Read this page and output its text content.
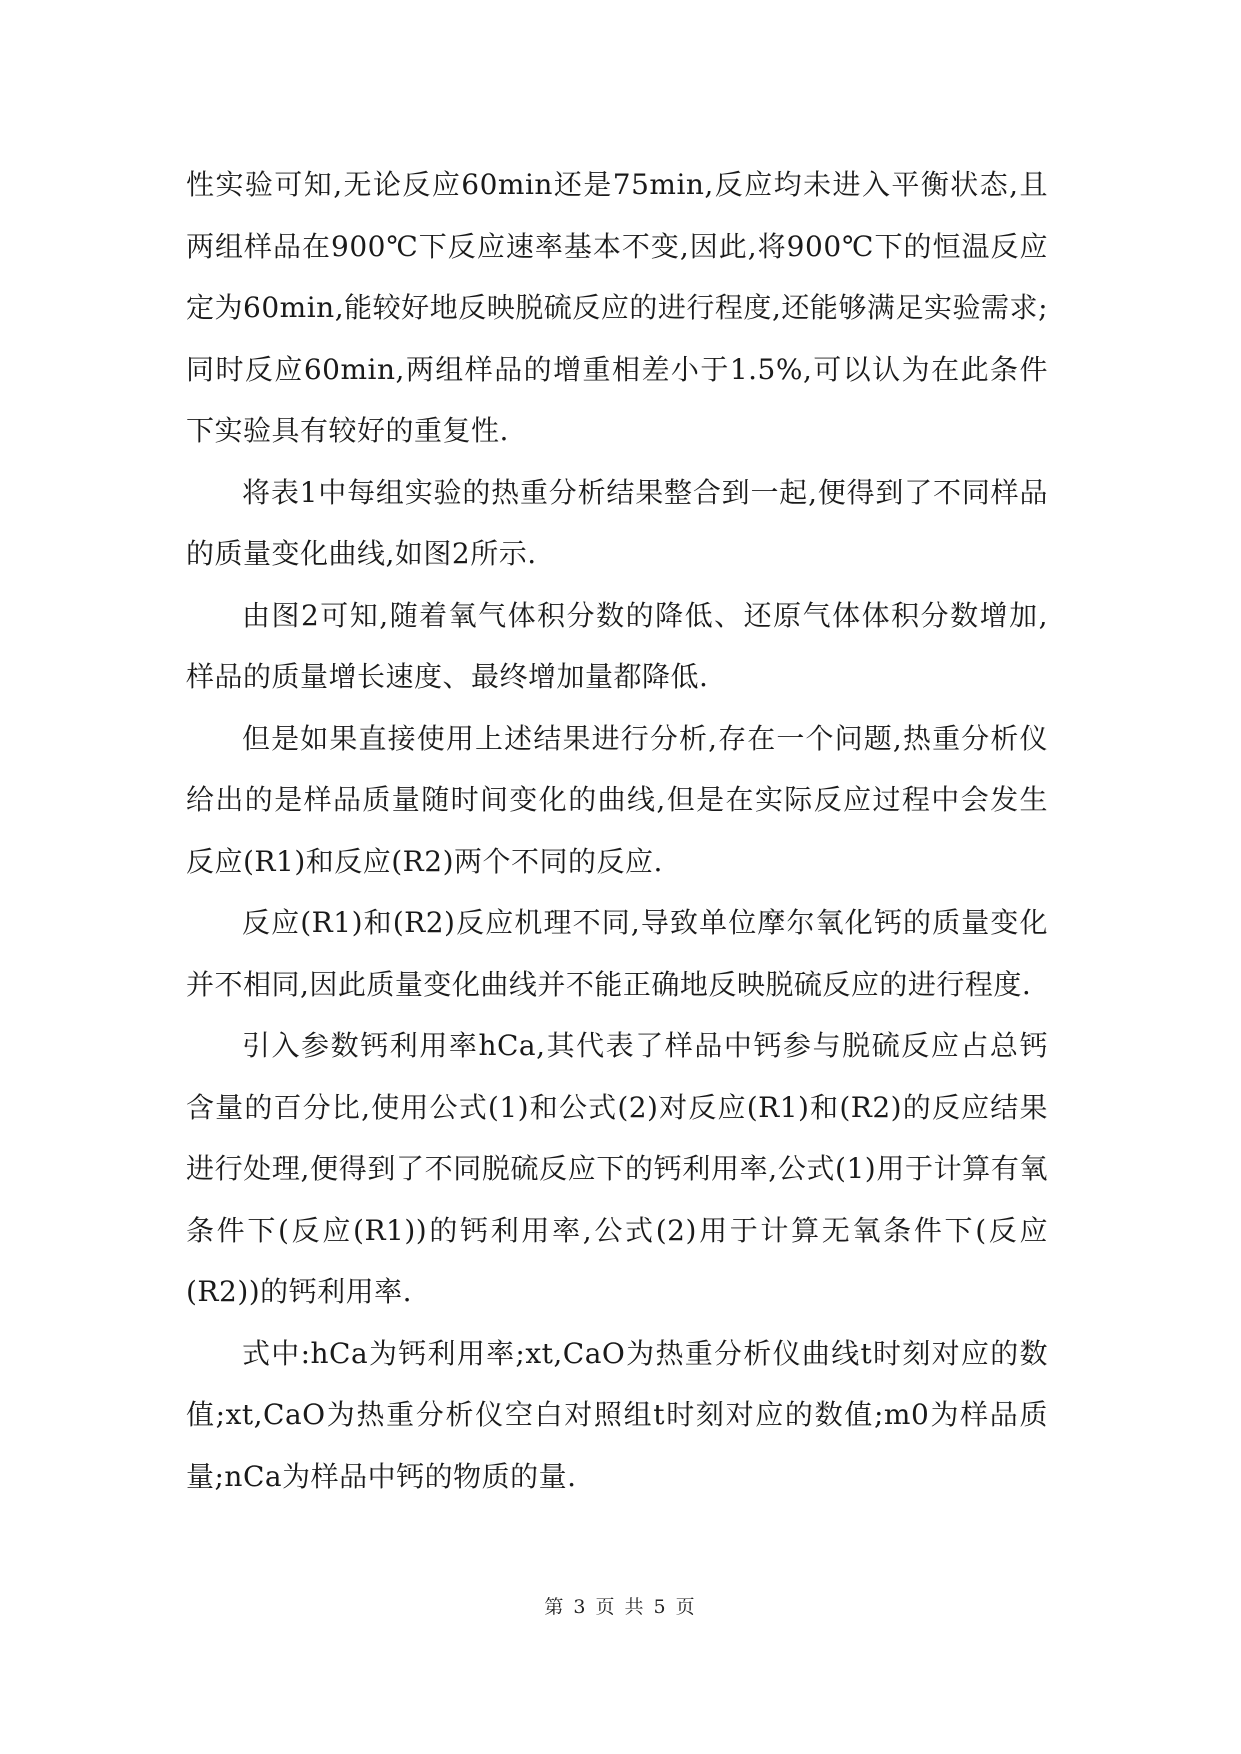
性实验可知,无论反应60min还是75min,反应均未进入平衡状态,且两组样品在900℃下反应速率基本不变,因此,将900℃下的恒温反应定为60min,能较好地反映脱硫反应的进行程度,还能够满足实验需求;同时反应60min,两组样品的增重相差小于1.5%,可以认为在此条件下实验具有较好的重复性.

将表1中每组实验的热重分析结果整合到一起,便得到了不同样品的质量变化曲线,如图2所示.

由图2可知,随着氧气体积分数的降低、还原气体体积分数增加,样品的质量增长速度、最终增加量都降低.

但是如果直接使用上述结果进行分析,存在一个问题,热重分析仪给出的是样品质量随时间变化的曲线,但是在实际反应过程中会发生反应(R1)和反应(R2)两个不同的反应.

反应(R1)和(R2)反应机理不同,导致单位摩尔氧化钙的质量变化并不相同,因此质量变化曲线并不能正确地反映脱硫反应的进行程度.

引入参数钙利用率hCa,其代表了样品中钙参与脱硫反应占总钙含量的百分比,使用公式(1)和公式(2)对反应(R1)和(R2)的反应结果进行处理,便得到了不同脱硫反应下的钙利用率,公式(1)用于计算有氧条件下(反应(R1))的钙利用率,公式(2)用于计算无氧条件下(反应(R2))的钙利用率.

式中:hCa为钙利用率;xt,CaO为热重分析仪曲线t时刻对应的数值;xt,CaO为热重分析仪空白对照组t时刻对应的数值;m0为样品质量;nCa为样品中钙的物质的量.

第 3 页 共 5 页
